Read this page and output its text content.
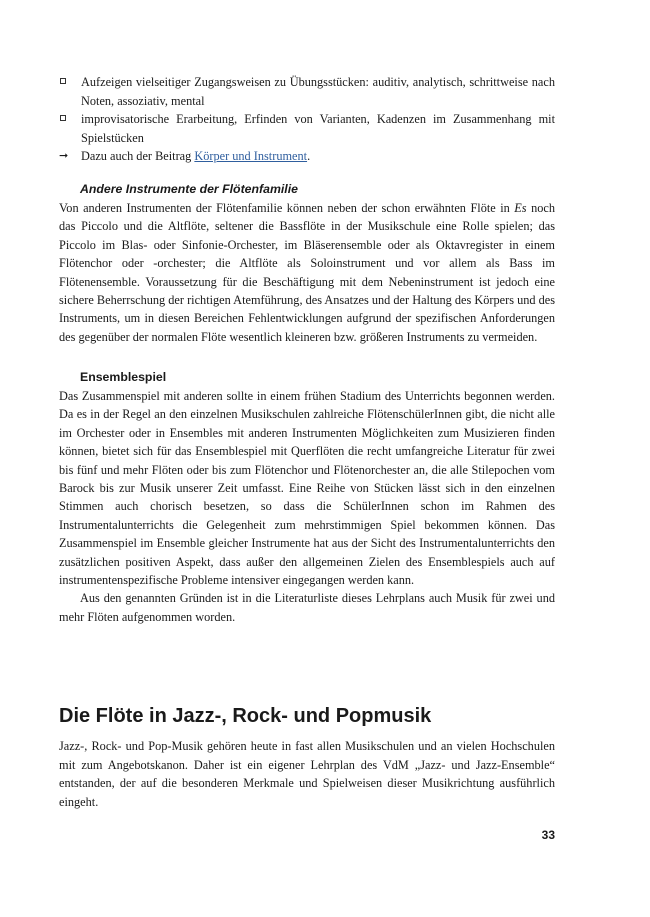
Aufzeigen vielseitiger Zugangsweisen zu Übungsstücken: auditiv, analytisch, schrittweise nach Noten, assoziativ, mental
improvisatorische Erarbeitung, Erfinden von Varianten, Kadenzen im Zusammenhang mit Spielstücken
➞ Dazu auch der Beitrag Körper und Instrument.
Andere Instrumente der Flötenfamilie
Von anderen Instrumenten der Flötenfamilie können neben der schon erwähnten Flöte in Es noch das Piccolo und die Altflöte, seltener die Bassflöte in der Musikschule eine Rolle spielen; das Piccolo im Blas- oder Sinfonie-Orchester, im Bläserensemble oder als Oktavregister in einem Flötenchor oder -orchester; die Altflöte als Soloinstrument und vor allem als Bass im Flötenensemble. Voraussetzung für die Beschäftigung mit dem Nebeninstrument ist jedoch eine sichere Beherrschung der richtigen Atemführung, des Ansatzes und der Haltung des Körpers und des Instruments, um in diesen Bereichen Fehlentwicklungen aufgrund der spezifischen Anforderungen des gegenüber der normalen Flöte wesentlich kleineren bzw. größeren Instruments zu vermeiden.
Ensemblespiel

Das Zusammenspiel mit anderen sollte in einem frühen Stadium des Unterrichts begonnen werden. Da es in der Regel an den einzelnen Musikschulen zahlreiche FlötenschülerInnen gibt, die nicht alle im Orchester oder in Ensembles mit anderen Instrumenten Möglichkeiten zum Musizieren finden können, bietet sich für das Ensemblespiel mit Querflöten die recht umfangreiche Literatur für zwei bis fünf und mehr Flöten oder bis zum Flötenchor und Flötenorchester an, die alle Stilepochen vom Barock bis zur Musik unserer Zeit umfasst. Eine Reihe von Stücken lässt sich in den einzelnen Stimmen auch chorisch besetzen, so dass die SchülerInnen schon im Rahmen des Instrumentalunterrichts die Gelegenheit zum mehrstimmigen Spiel bekommen können. Das Zusammenspiel im Ensemble gleicher Instrumente hat aus der Sicht des Instrumentalunterrichts den zusätzlichen positiven Aspekt, dass außer den allgemeinen Zielen des Ensemblespiels auch auf instrumentenspezifische Probleme intensiver eingegangen werden kann.

Aus den genannten Gründen ist in die Literaturliste dieses Lehrplans auch Musik für zwei und mehr Flöten aufgenommen worden.

Die Flöte in Jazz-, Rock- und Popmusik
Jazz-, Rock- und Pop-Musik gehören heute in fast allen Musikschulen und an vielen Hochschulen mit zum Angebotskanon. Daher ist ein eigener Lehrplan des VdM „Jazz- und Jazz-Ensemble“ entstanden, der auf die besonderen Merkmale und Spielweisen dieser Musikrichtung ausführlich eingeht.
33
